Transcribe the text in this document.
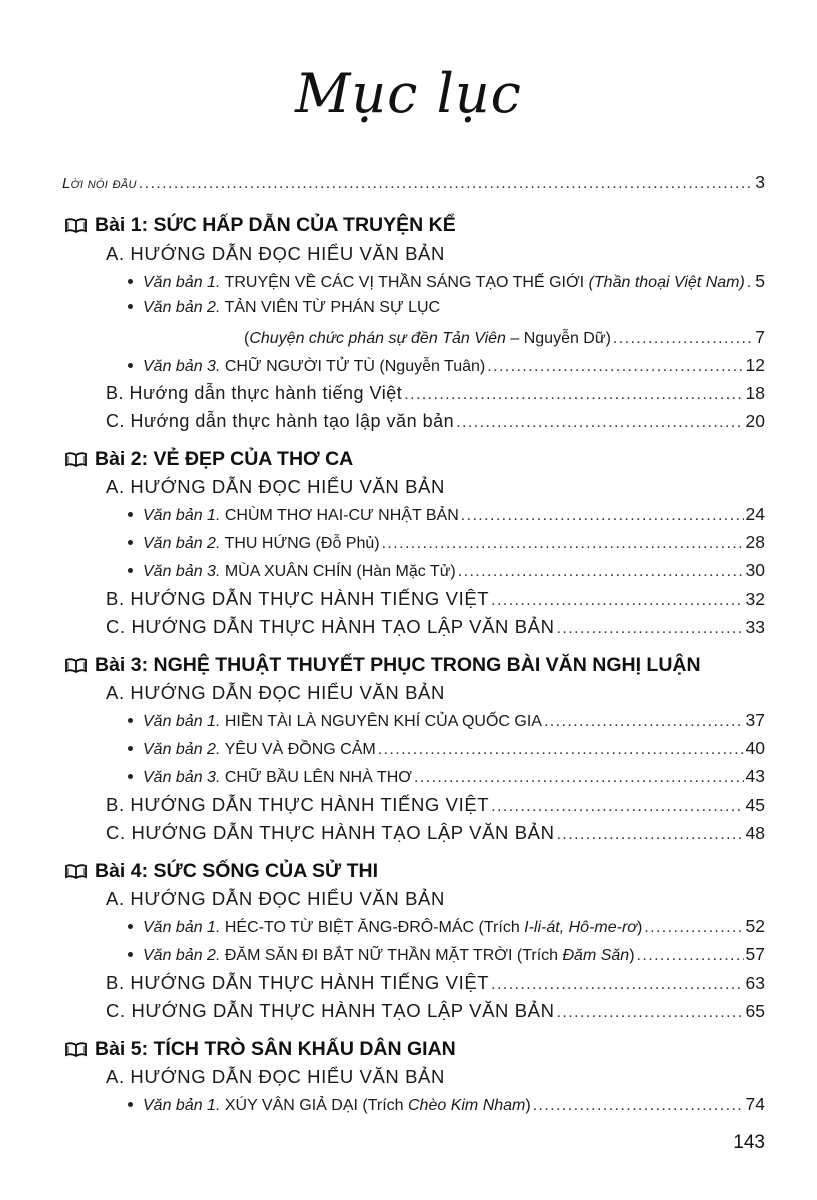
Mục lục
Lời nói đầu .....	3
Bài 1: SỨC HẤP DẪN CỦA TRUYỆN KỂ
A. HƯỚNG DẪN ĐỌC HIỂU VĂN BẢN
Văn bản 1. TRUYỆN VỀ CÁC VỊ THẦN SÁNG TẠO THẾ GIỚI (Thần thoại Việt Nam) ..... 5
Văn bản 2. TẢN VIÊN TỪ PHÁN SỰ LỤC
(Chuyện chức phán sự đền Tản Viên – Nguyễn Dữ) .....	7
Văn bản 3. CHỮ NGƯỜI TỬ TÙ (Nguyễn Tuân) .....	12
B. Hướng dẫn thực hành tiếng Việt .....	18
C. Hướng dẫn thực hành tạo lập văn bản .....	20
Bài 2: VẺ ĐẸP CỦA THƠ CA
A. HƯỚNG DẪN ĐỌC HIỂU VĂN BẢN
Văn bản 1. CHÙM THƠ HAI-CƯ NHẬT BẢN .....	24
Văn bản 2. THU HỨNG (Đỗ Phủ) .....	28
Văn bản 3. MÙA XUÂN CHÍN (Hàn Mặc Tử) .....	30
B. HƯỚNG DẪN THỰC HÀNH TIẾNG VIỆT .....	32
C. HƯỚNG DẪN THỰC HÀNH TẠO LẬP VĂN BẢN .....	33
Bài 3: NGHỆ THUẬT THUYẾT PHỤC TRONG BÀI VĂN NGHỊ LUẬN
A. HƯỚNG DẪN ĐỌC HIỂU VĂN BẢN
Văn bản 1. HIỀN TÀI LÀ NGUYÊN KHÍ CỦA QUỐC GIA .....	37
Văn bản 2. YÊU VÀ ĐỒNG CẢM .....	40
Văn bản 3. CHỮ BẦU LÊN NHÀ THƠ .....	43
B. HƯỚNG DẪN THỰC HÀNH TIẾNG VIỆT .....	45
C. HƯỚNG DẪN THỰC HÀNH TẠO LẬP VĂN BẢN .....	48
Bài 4: SỨC SỐNG CỦA SỬ THI
A. HƯỚNG DẪN ĐỌC HIỂU VĂN BẢN
Văn bản 1. HÉC-TO TỪ BIỆT ĂNG-ĐRÔ-MÁC (Trích I-li-át, Hô-me-rơ) .....	52
Văn bản 2. ĐĂM SĂN ĐI BẮT NỮ THẦN MẶT TRỜI (Trích Đăm Săn) .....	57
B. HƯỚNG DẪN THỰC HÀNH TIẾNG VIỆT .....	63
C. HƯỚNG DẪN THỰC HÀNH TẠO LẬP VĂN BẢN .....	65
Bài 5: TÍCH TRÒ SÂN KHẤU DÂN GIAN
A. HƯỚNG DẪN ĐỌC HIỂU VĂN BẢN
Văn bản 1. XÚY VÂN GIẢ DẠI (Trích Chèo Kim Nham) .....	74
143
